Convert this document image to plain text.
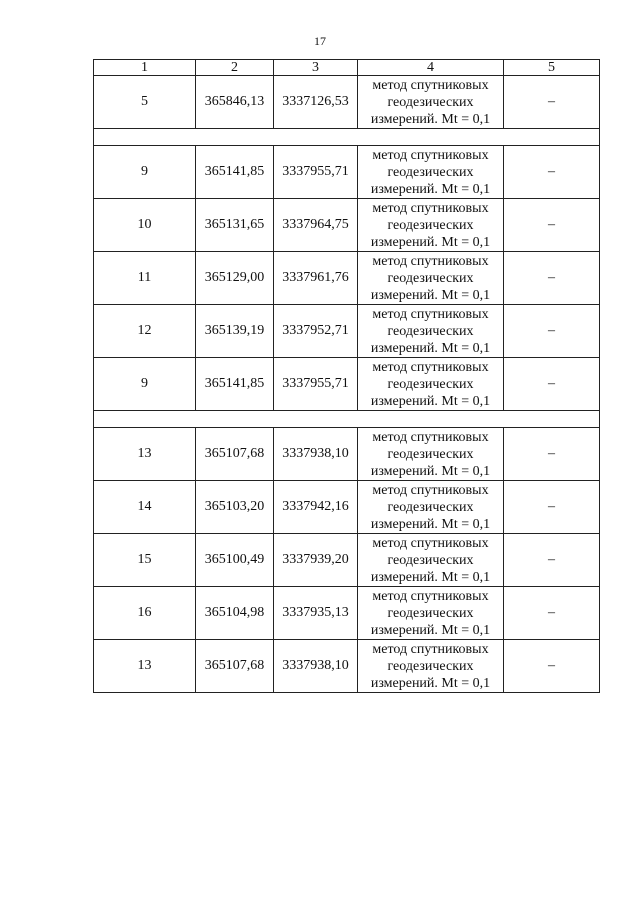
17
1	2	3	4	5
5	365846,13	3337126,53	метод спутниковых
геодезических
измерений. Mt = 0,1	–

9	365141,85	3337955,71	метод спутниковых
геодезических
измерений. Mt = 0,1	–
10	365131,65	3337964,75	метод спутниковых
геодезических
измерений. Mt = 0,1	–
11	365129,00	3337961,76	метод спутниковых
геодезических
измерений. Mt = 0,1	–
12	365139,19	3337952,71	метод спутниковых
геодезических
измерений. Mt = 0,1	–
9	365141,85	3337955,71	метод спутниковых
геодезических
измерений. Mt = 0,1	–

13	365107,68	3337938,10	метод спутниковых
геодезических
измерений. Mt = 0,1	–
14	365103,20	3337942,16	метод спутниковых
геодезических
измерений. Mt = 0,1	–
15	365100,49	3337939,20	метод спутниковых
геодезических
измерений. Mt = 0,1	–
16	365104,98	3337935,13	метод спутниковых
геодезических
измерений. Mt = 0,1	–
13	365107,68	3337938,10	метод спутниковых
геодезических
измерений. Mt = 0,1	–
